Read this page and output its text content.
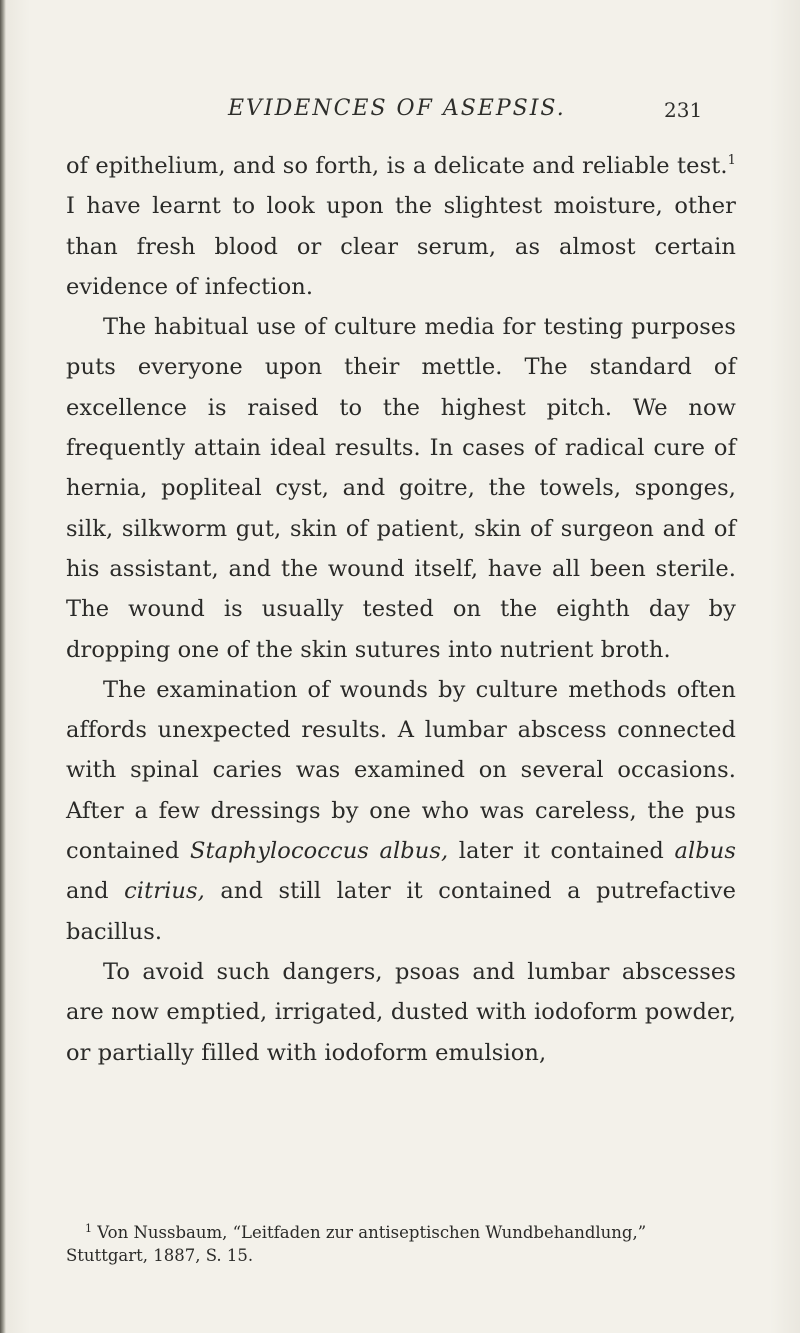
EVIDENCES OF ASEPSIS.	231

of epithelium, and so forth, is a delicate and reliable test.$^1$ I have learnt to look upon the slightest moisture, other than fresh blood or clear serum, as almost certain evidence of infection.

The habitual use of culture media for testing purposes puts everyone upon their mettle. The standard of excellence is raised to the highest pitch. We now frequently attain ideal results. In cases of radical cure of hernia, popliteal cyst, and goitre, the towels, sponges, silk, silkworm gut, skin of patient, skin of surgeon and of his assistant, and the wound itself, have all been sterile. The wound is usually tested on the eighth day by dropping one of the skin sutures into nutrient broth.

The examination of wounds by culture methods often affords unexpected results. A lumbar abscess connected with spinal caries was examined on several occasions. After a few dressings by one who was careless, the pus contained Staphylococcus albus, later it contained albus and citrius, and still later it contained a putrefactive bacillus.

To avoid such dangers, psoas and lumbar abscesses are now emptied, irrigated, dusted with iodoform powder, or partially filled with iodoform emulsion,

$^1$ Von Nussbaum, “Leitfaden zur antiseptischen Wundbehandlung,”

Stuttgart, 1887, S. 15.
